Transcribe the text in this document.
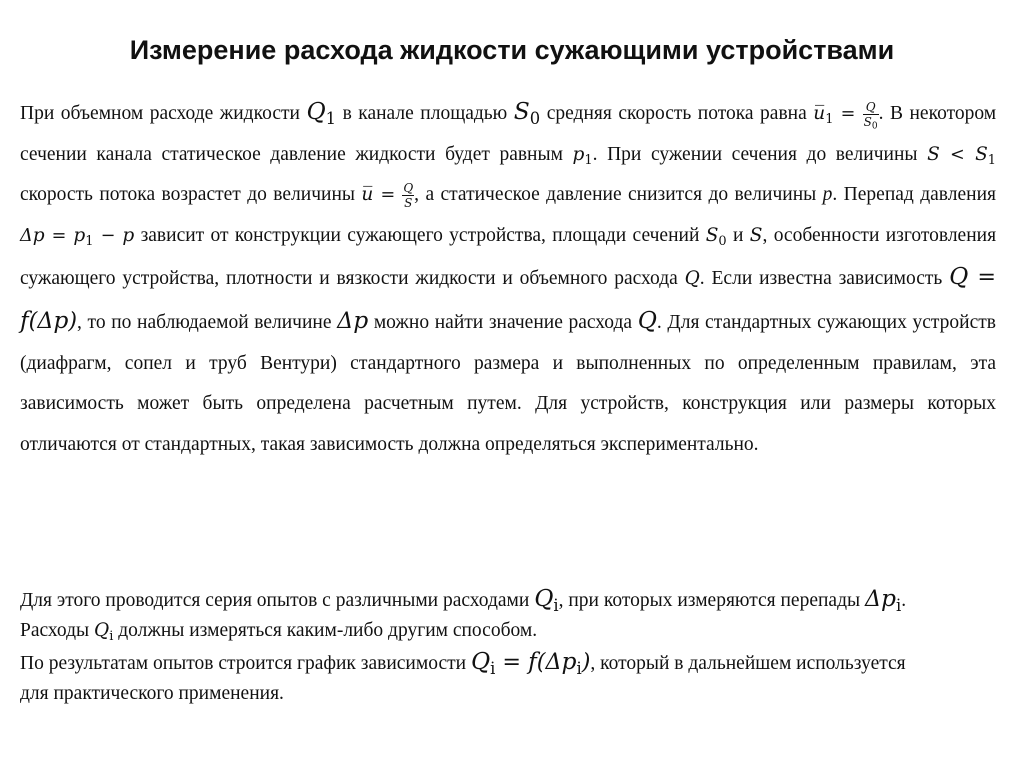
Измерение расхода жидкости сужающими устройствами

При объемном расходе жидкости $Q_1$ в канале площадью $S_0$ средняя скорость потока равна $u̅_1 = \frac{Q}{S_0}$ . В некотором сечении канала статическое давление жидкости будет равным $p_1$. При сужении сечения до величины $S < S_1$ скорость потока возрастет до величины u̅ = $\frac{Q}{S}$ , а статическое давление снизится до величины p. Перепад давления $\Delta p = p_1 - p$ зависит от конструкции сужающего устройства, площади сечений $S_0$ и S, особенности изготовления сужающего устройства, плотности и вязкости жидкости и объемного расхода Q. Если известна зависимость Q = f(Δp), то по наблюдаемой величине Δp можно найти значение расхода Q. Для стандартных сужающих устройств (диафрагм, сопел и труб Вентури) стандартного размера и выполненных по определенным правилам, эта зависимость может быть определена расчетным путем. Для устройств, конструкция или размеры которых отличаются от стандартных, такая зависимость должна определяться экспериментально.

Для этого проводится серия опытов с различными расходами $Q_i$, при которых измеряются перепады $\Delta p_i$. Расходы $Q_i$ должны измеряться каким-либо другим способом.
По результатам опытов строится график зависимости $Q_i = f(\Delta p_i)$, который в дальнейшем используется для практического применения.
